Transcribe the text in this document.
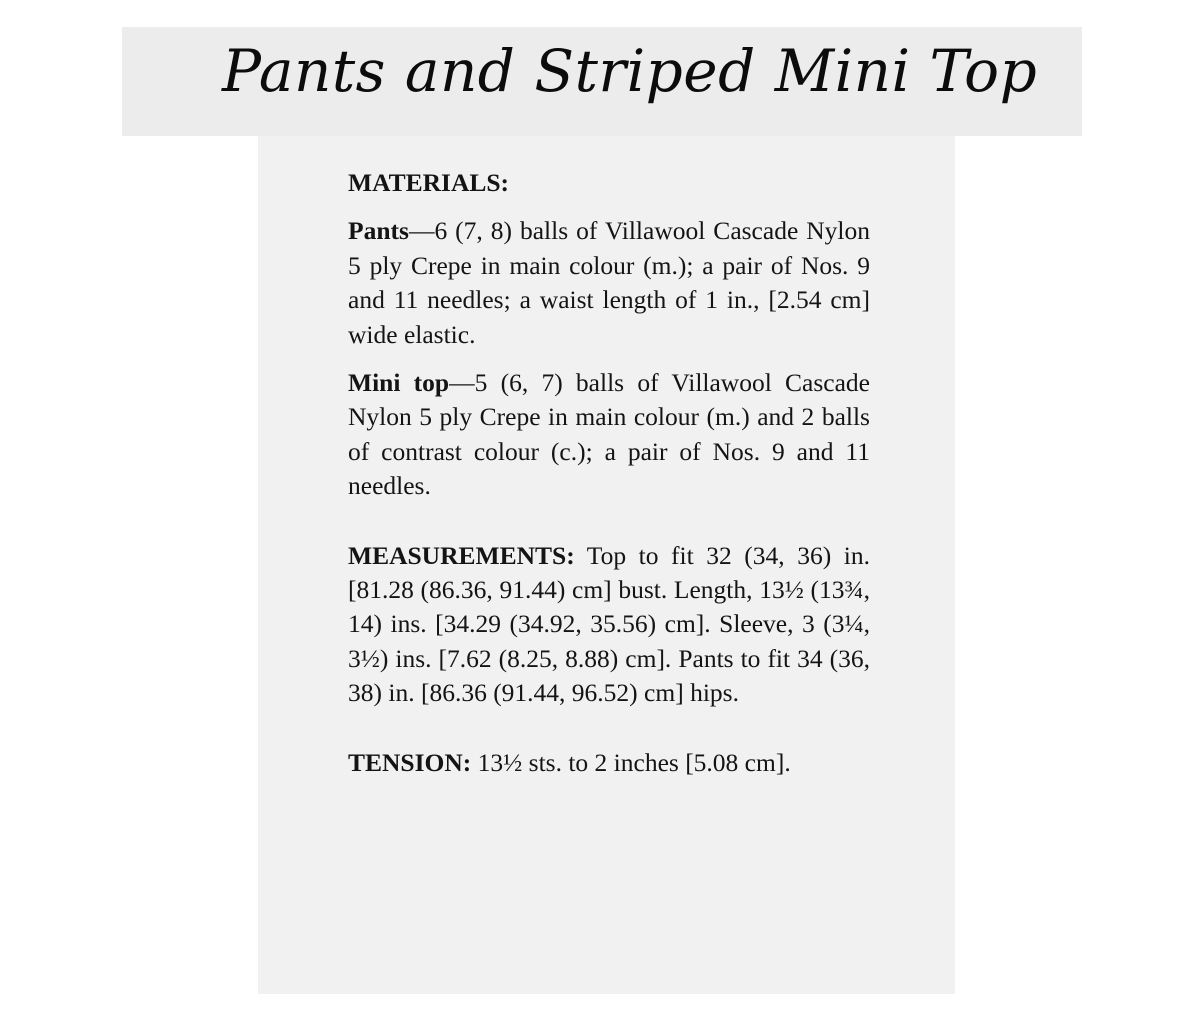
Pants and Striped Mini Top

MATERIALS:

Pants—6 (7, 8) balls of Villawool Cascade Nylon 5 ply Crepe in main colour (m.); a pair of Nos. 9 and 11 needles; a waist length of 1 in., [2.54 cm] wide elastic.

Mini top—5 (6, 7) balls of Villawool Cascade Nylon 5 ply Crepe in main colour (m.) and 2 balls of contrast colour (c.); a pair of Nos. 9 and 11 needles.

MEASUREMENTS: Top to fit 32 (34, 36) in. [81.28 (86.36, 91.44) cm] bust. Length, 13½ (13¾, 14) ins. [34.29 (34.92, 35.56) cm]. Sleeve, 3 (3¼, 3½) ins. [7.62 (8.25, 8.88) cm]. Pants to fit 34 (36, 38) in. [86.36 (91.44, 96.52) cm] hips.

TENSION: 13½ sts. to 2 inches [5.08 cm].
